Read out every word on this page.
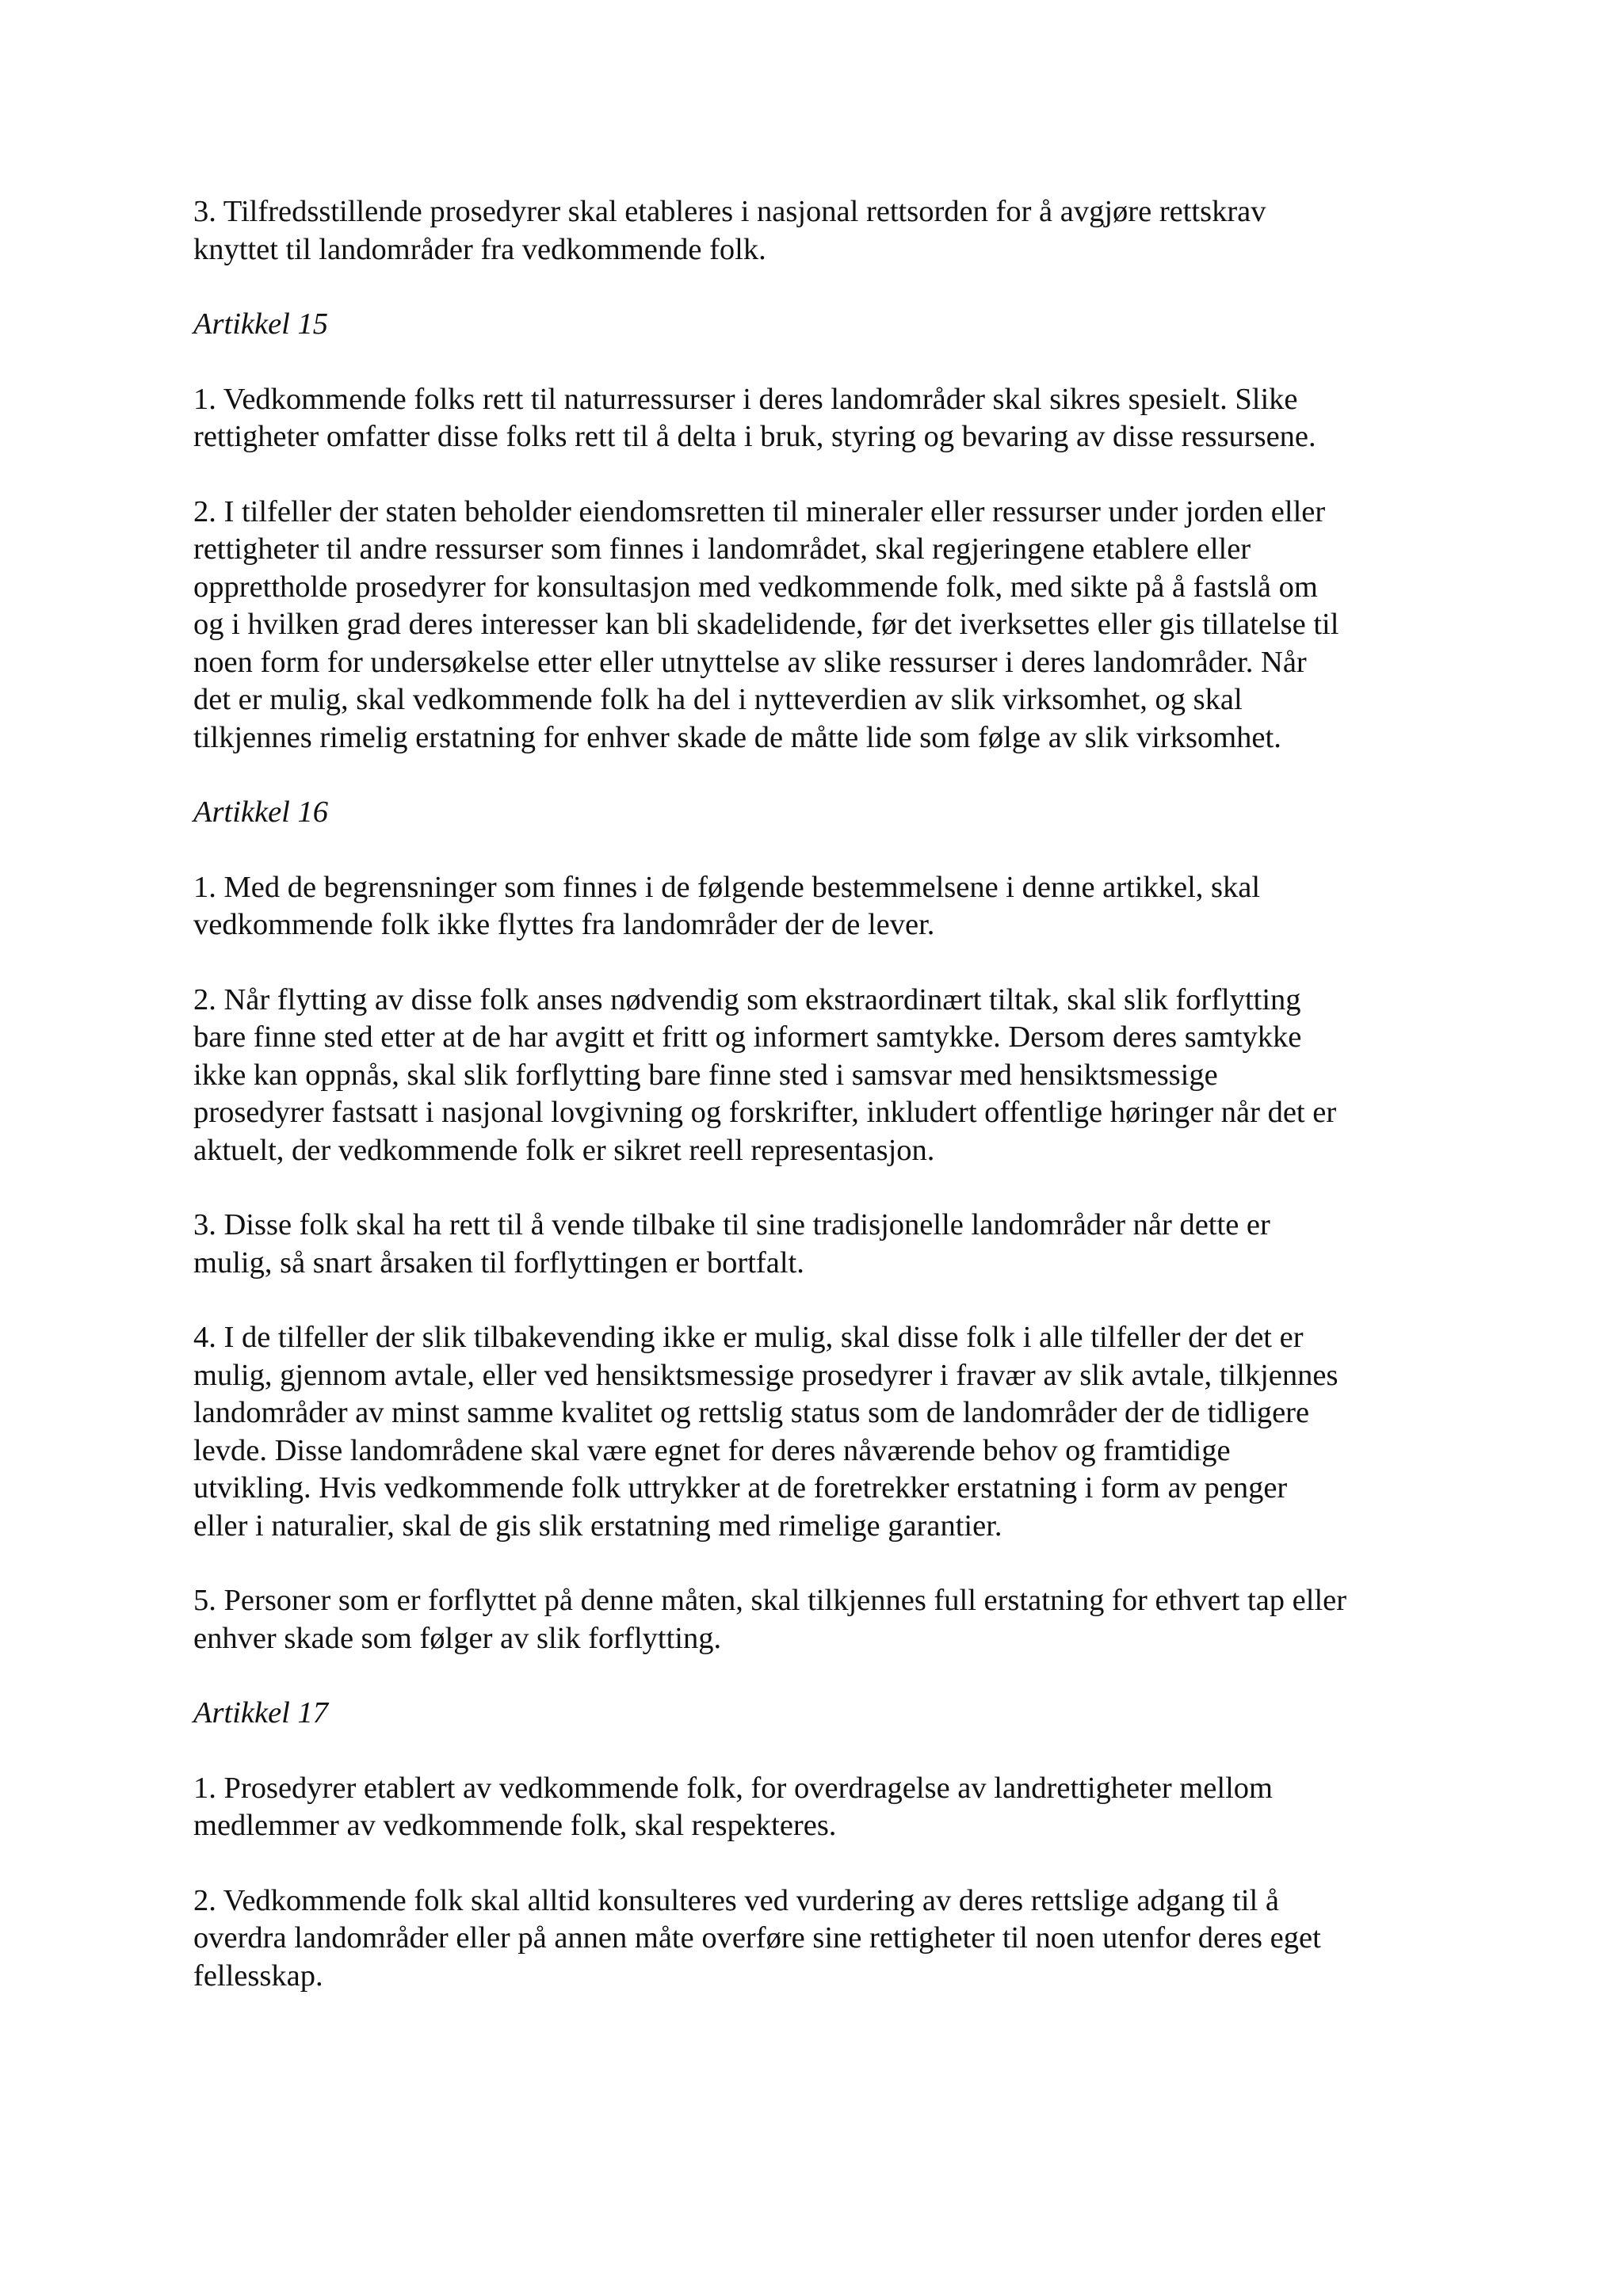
3. Tilfredsstillende prosedyrer skal etableres i nasjonal rettsorden for å avgjøre rettskrav
knyttet til landområder fra vedkommende folk.

Artikkel 15

1. Vedkommende folks rett til naturressurser i deres landområder skal sikres spesielt. Slike
rettigheter omfatter disse folks rett til å delta i bruk, styring og bevaring av disse ressursene.

2. I tilfeller der staten beholder eiendomsretten til mineraler eller ressurser under jorden eller
rettigheter til andre ressurser som finnes i landområdet, skal regjeringene etablere eller
opprettholde prosedyrer for konsultasjon med vedkommende folk, med sikte på å fastslå om
og i hvilken grad deres interesser kan bli skadelidende, før det iverksettes eller gis tillatelse til
noen form for undersøkelse etter eller utnyttelse av slike ressurser i deres landområder. Når
det er mulig, skal vedkommende folk ha del i nytteverdien av slik virksomhet, og skal
tilkjennes rimelig erstatning for enhver skade de måtte lide som følge av slik virksomhet.

Artikkel 16

1. Med de begrensninger som finnes i de følgende bestemmelsene i denne artikkel, skal
vedkommende folk ikke flyttes fra landområder der de lever.

2. Når flytting av disse folk anses nødvendig som ekstraordinært tiltak, skal slik forflytting
bare finne sted etter at de har avgitt et fritt og informert samtykke. Dersom deres samtykke
ikke kan oppnås, skal slik forflytting bare finne sted i samsvar med hensiktsmessige
prosedyrer fastsatt i nasjonal lovgivning og forskrifter, inkludert offentlige høringer når det er
aktuelt, der vedkommende folk er sikret reell representasjon.

3. Disse folk skal ha rett til å vende tilbake til sine tradisjonelle landområder når dette er
mulig, så snart årsaken til forflyttingen er bortfalt.

4. I de tilfeller der slik tilbakevending ikke er mulig, skal disse folk i alle tilfeller der det er
mulig, gjennom avtale, eller ved hensiktsmessige prosedyrer i fravær av slik avtale, tilkjennes
landområder av minst samme kvalitet og rettslig status som de landområder der de tidligere
levde. Disse landområdene skal være egnet for deres nåværende behov og framtidige
utvikling. Hvis vedkommende folk uttrykker at de foretrekker erstatning i form av penger
eller i naturalier, skal de gis slik erstatning med rimelige garantier.

5. Personer som er forflyttet på denne måten, skal tilkjennes full erstatning for ethvert tap eller
enhver skade som følger av slik forflytting.

Artikkel 17

1. Prosedyrer etablert av vedkommende folk, for overdragelse av landrettigheter mellom
medlemmer av vedkommende folk, skal respekteres.

2. Vedkommende folk skal alltid konsulteres ved vurdering av deres rettslige adgang til å
overdra landområder eller på annen måte overføre sine rettigheter til noen utenfor deres eget
fellesskap.
